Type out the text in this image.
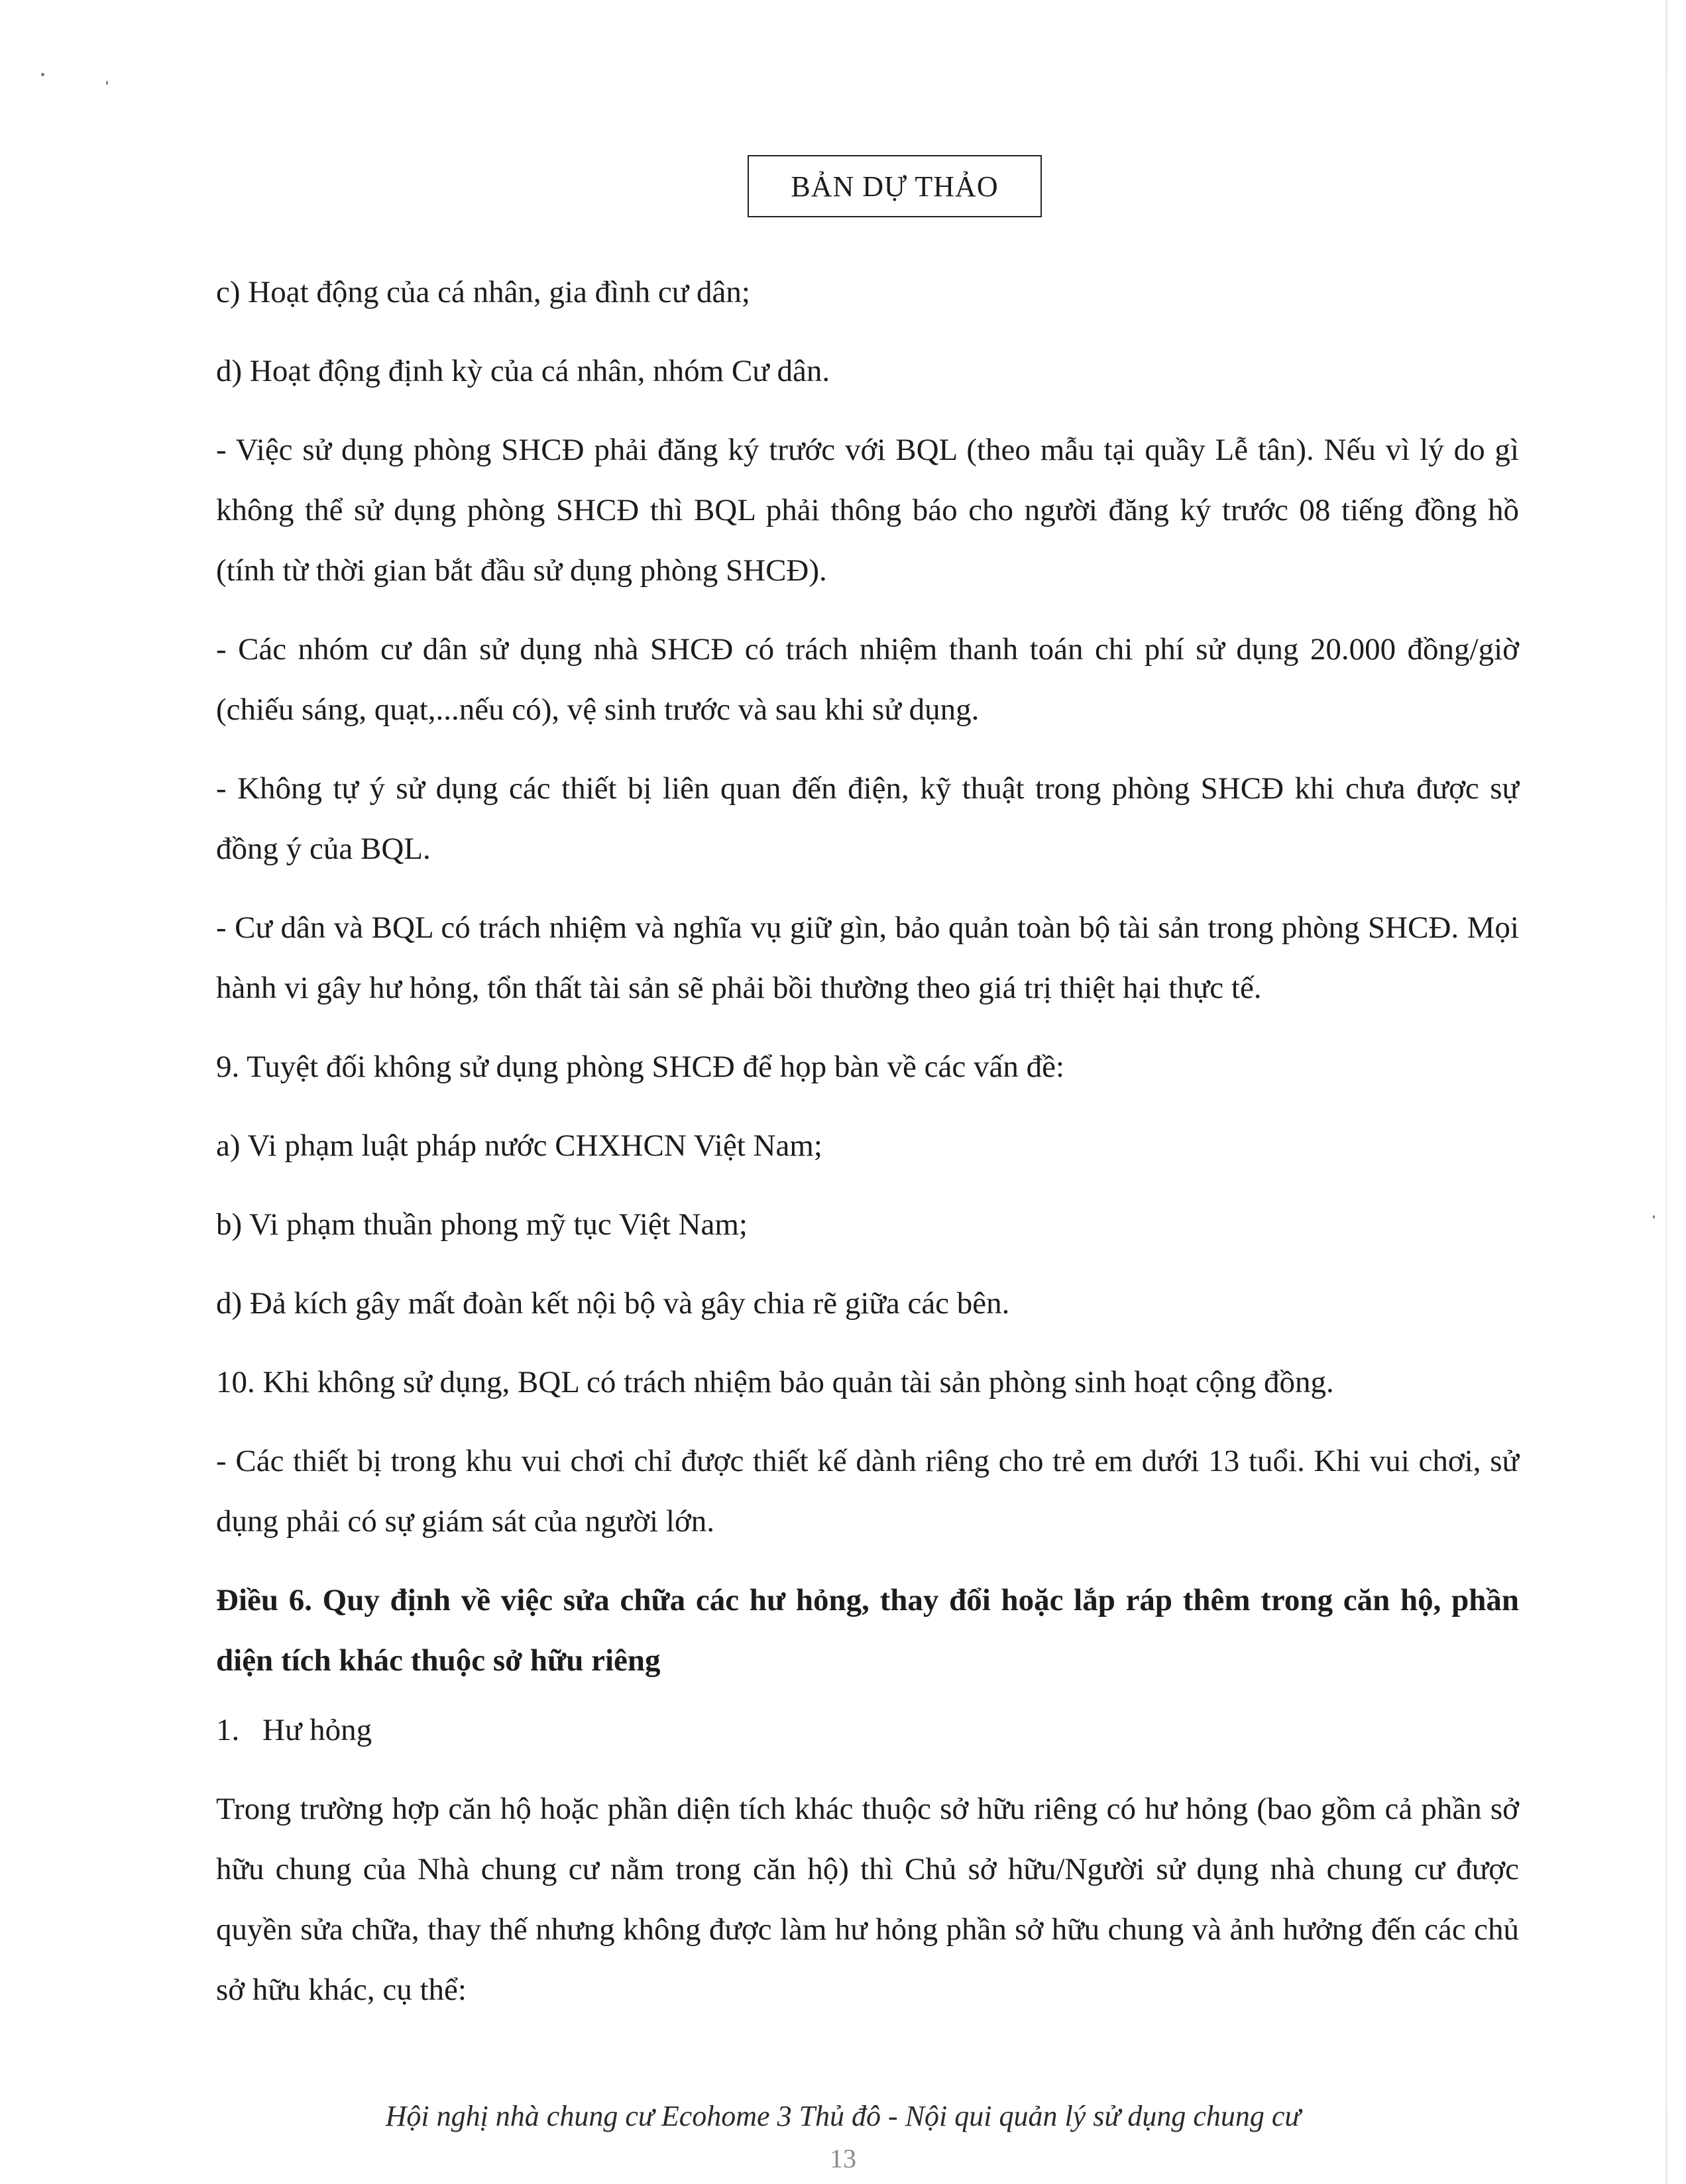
BẢN DỰ THẢO

c) Hoạt động của cá nhân, gia đình cư dân;

d) Hoạt động định kỳ của cá nhân, nhóm Cư dân.

- Việc sử dụng phòng SHCĐ phải đăng ký trước với BQL (theo mẫu tại quầy Lễ tân). Nếu vì lý do gì không thể sử dụng phòng SHCĐ thì BQL phải thông báo cho người đăng ký trước 08 tiếng đồng hồ (tính từ thời gian bắt đầu sử dụng phòng SHCĐ).

- Các nhóm cư dân sử dụng nhà SHCĐ có trách nhiệm thanh toán chi phí sử dụng 20.000 đồng/giờ (chiếu sáng, quạt,...nếu có), vệ sinh trước và sau khi sử dụng.

- Không tự ý sử dụng các thiết bị liên quan đến điện, kỹ thuật trong phòng SHCĐ khi chưa được sự đồng ý của BQL.

- Cư dân và BQL có trách nhiệm và nghĩa vụ giữ gìn, bảo quản toàn bộ tài sản trong phòng SHCĐ. Mọi hành vi gây hư hỏng, tổn thất tài sản sẽ phải bồi thường theo giá trị thiệt hại thực tế.

9. Tuyệt đối không sử dụng phòng SHCĐ để họp bàn về các vấn đề:

a) Vi phạm luật pháp nước CHXHCN Việt Nam;

b) Vi phạm thuần phong mỹ tục Việt Nam;

d) Đả kích gây mất đoàn kết nội bộ và gây chia rẽ giữa các bên.

10. Khi không sử dụng, BQL có trách nhiệm bảo quản tài sản phòng sinh hoạt cộng đồng.

- Các thiết bị trong khu vui chơi chỉ được thiết kế dành riêng cho trẻ em dưới 13 tuổi. Khi vui chơi, sử dụng phải có sự giám sát của người lớn.

Điều 6. Quy định về việc sửa chữa các hư hỏng, thay đổi hoặc lắp ráp thêm trong căn hộ, phần diện tích khác thuộc sở hữu riêng

1. Hư hỏng

Trong trường hợp căn hộ hoặc phần diện tích khác thuộc sở hữu riêng có hư hỏng (bao gồm cả phần sở hữu chung của Nhà chung cư nằm trong căn hộ) thì Chủ sở hữu/Người sử dụng nhà chung cư được quyền sửa chữa, thay thế nhưng không được làm hư hỏng phần sở hữu chung và ảnh hưởng đến các chủ sở hữu khác, cụ thể:

Hội nghị nhà chung cư Ecohome 3 Thủ đô - Nội qui quản lý sử dụng chung cư
13
